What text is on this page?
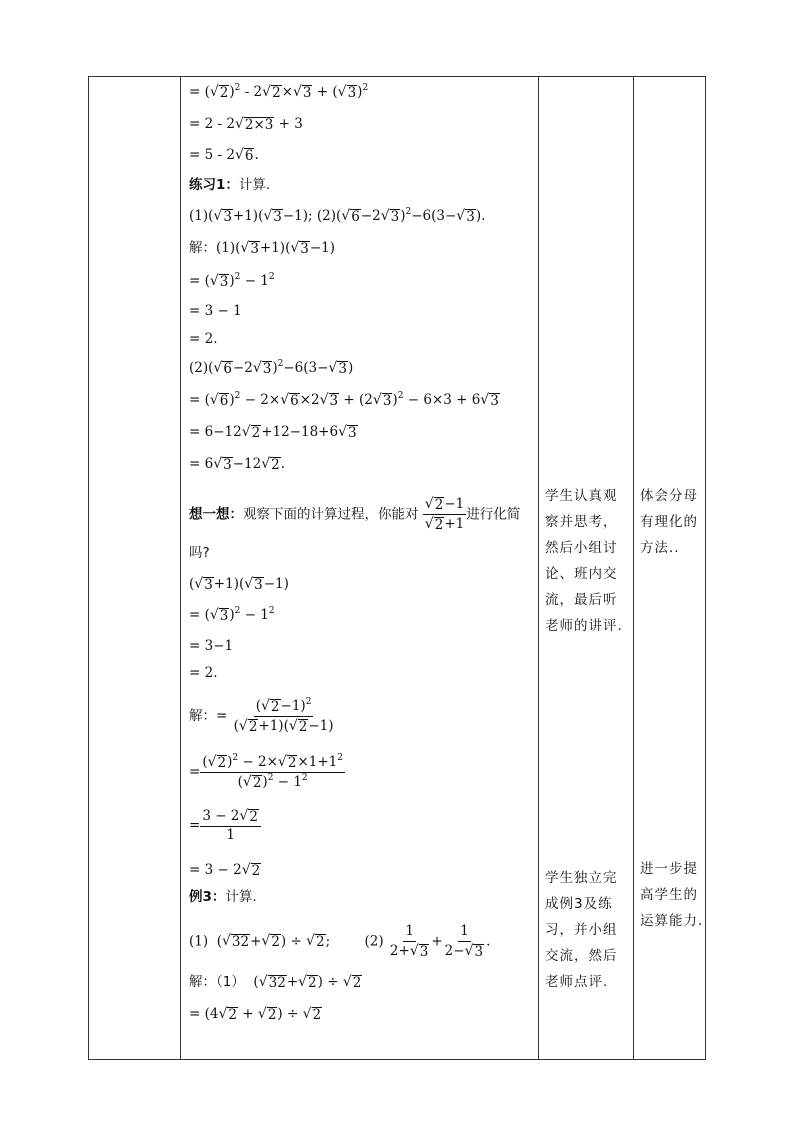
= ( √ 2 )$^2$ - 2 √ 2 × √ 3 + ( √ 3 )$^2$
= 2 - 2 √ 2×3 + 3
= 5 - 2 √ 6 .
练习1：计算.
(1)( √ 3 +1)( √ 3 −1); (2)( √ 6 −2 √ 3 )$^2$−6(3− √ 3 ).
解：(1)( √ 3 +1)( √ 3 −1)
= ( √ 3 )$^2 - 1^2$
= 3 − 1
= 2.
(2)( √ 6 −2 √ 3 )$^2$−6(3− √ 3 )
= ( √ 6 )$^2$ − 2× √ 6 ×2 √ 3 + (2 √ 3 )$^2$ − 6×3 + 6 √ 3
= 6−12 √ 2 +12−18+6 √ 3
= 6 √ 3 −12 √ 2 .
想一想：观察下面的计算过程，你能对 $\frac{√ 2 -1}{√ 2 +1}$ 进行化简
吗?
( √ 3 +1)( √ 3 −1)
= ( √ 3 )$^2 - 1^2$
= 3−1
= 2.
解：= $\frac{( √ 2 -1)^2}{( √ 2 +1)( √ 2 -1)}$
= $\frac{( √ 2 )^2 - 2\times √ 2 \times 1+1^2}{( √ 2 )^2 - 1^2}$
= $\frac{3 - 2 √ 2}{1}$
= 3 − 2 √ 2
例3：计算.
(1)  ( √ 32 + √ 2 ) ÷ √ 2 ;        $(2) \frac{1}{2+ √ 3} + \frac{1}{2- √ 3}$ .
解：（1）  ( √ 32 + √ 2 ) ÷ √ 2
= (4 √ 2 + √ 2 ) ÷ √ 2
学生认真观察并思考，然后小组讨论、班内交流，最后听老师的讲评.
体会分母有理化的方法..
学生独立完成例3及练习，并小组交流，然后老师点评.
进一步提高学生的运算能力.
